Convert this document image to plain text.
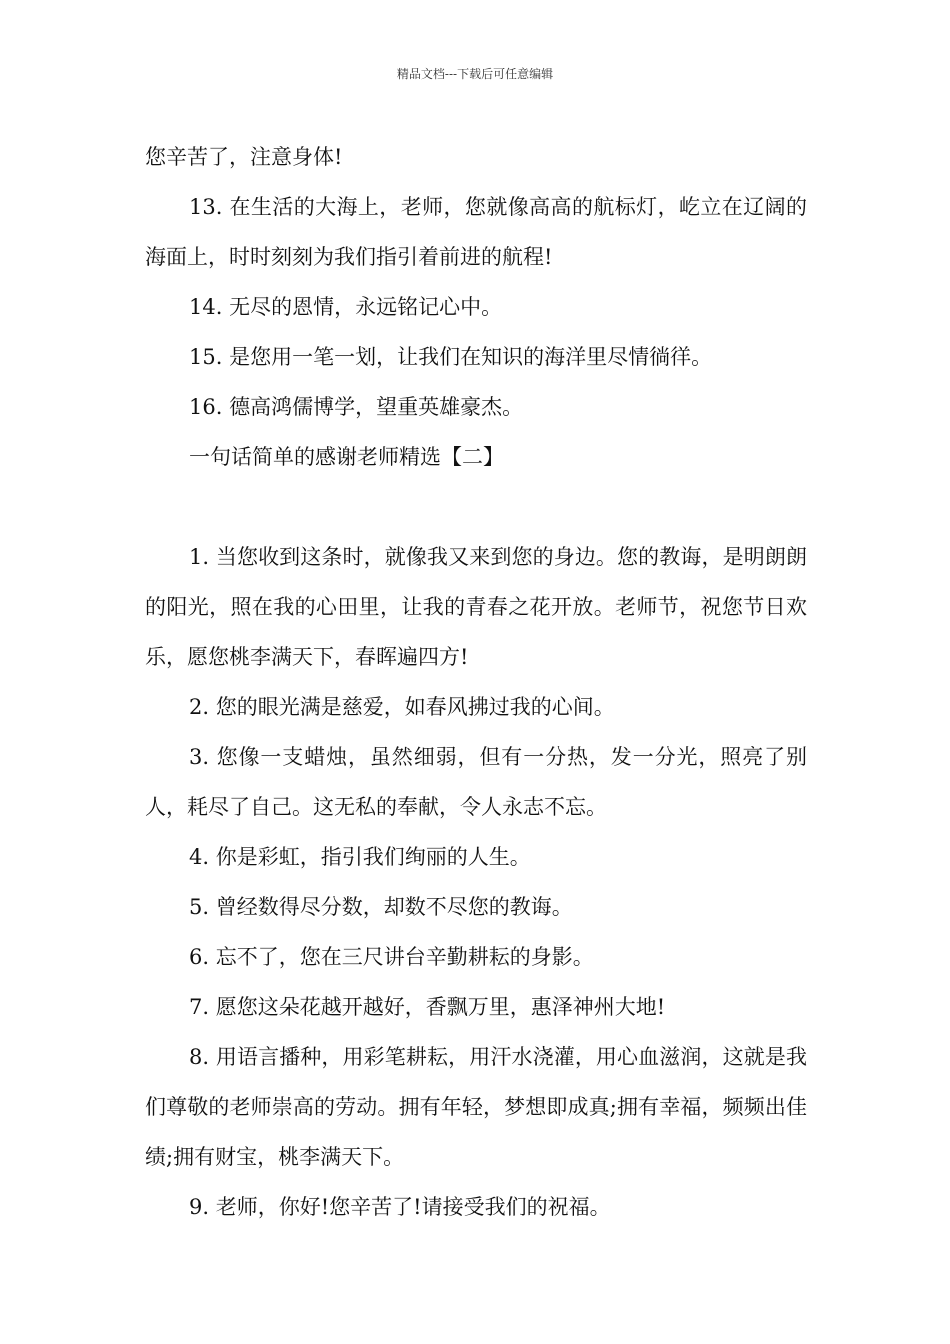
精品文档---下载后可任意编辑

您辛苦了，注意身体!

13. 在生活的大海上，老师，您就像高高的航标灯，屹立在辽阔的海面上，时时刻刻为我们指引着前进的航程!

14. 无尽的恩情，永远铭记心中。

15. 是您用一笔一划，让我们在知识的海洋里尽情徜徉。

16. 德高鸿儒博学，望重英雄豪杰。

一句话简单的感谢老师精选【二】

1. 当您收到这条时，就像我又来到您的身边。您的教诲，是明朗朗的阳光，照在我的心田里，让我的青春之花开放。老师节，祝您节日欢乐，愿您桃李满天下，春晖遍四方!

2. 您的眼光满是慈爱，如春风拂过我的心间。

3. 您像一支蜡烛，虽然细弱，但有一分热，发一分光，照亮了别人，耗尽了自己。这无私的奉献，令人永志不忘。

4. 你是彩虹，指引我们绚丽的人生。

5. 曾经数得尽分数，却数不尽您的教诲。

6. 忘不了，您在三尺讲台辛勤耕耘的身影。

7. 愿您这朵花越开越好，香飘万里，惠泽神州大地!

8. 用语言播种，用彩笔耕耘，用汗水浇灌，用心血滋润，这就是我们尊敬的老师崇高的劳动。拥有年轻，梦想即成真;拥有幸福，频频出佳绩;拥有财宝，桃李满天下。

9. 老师，你好!您辛苦了!请接受我们的祝福。
